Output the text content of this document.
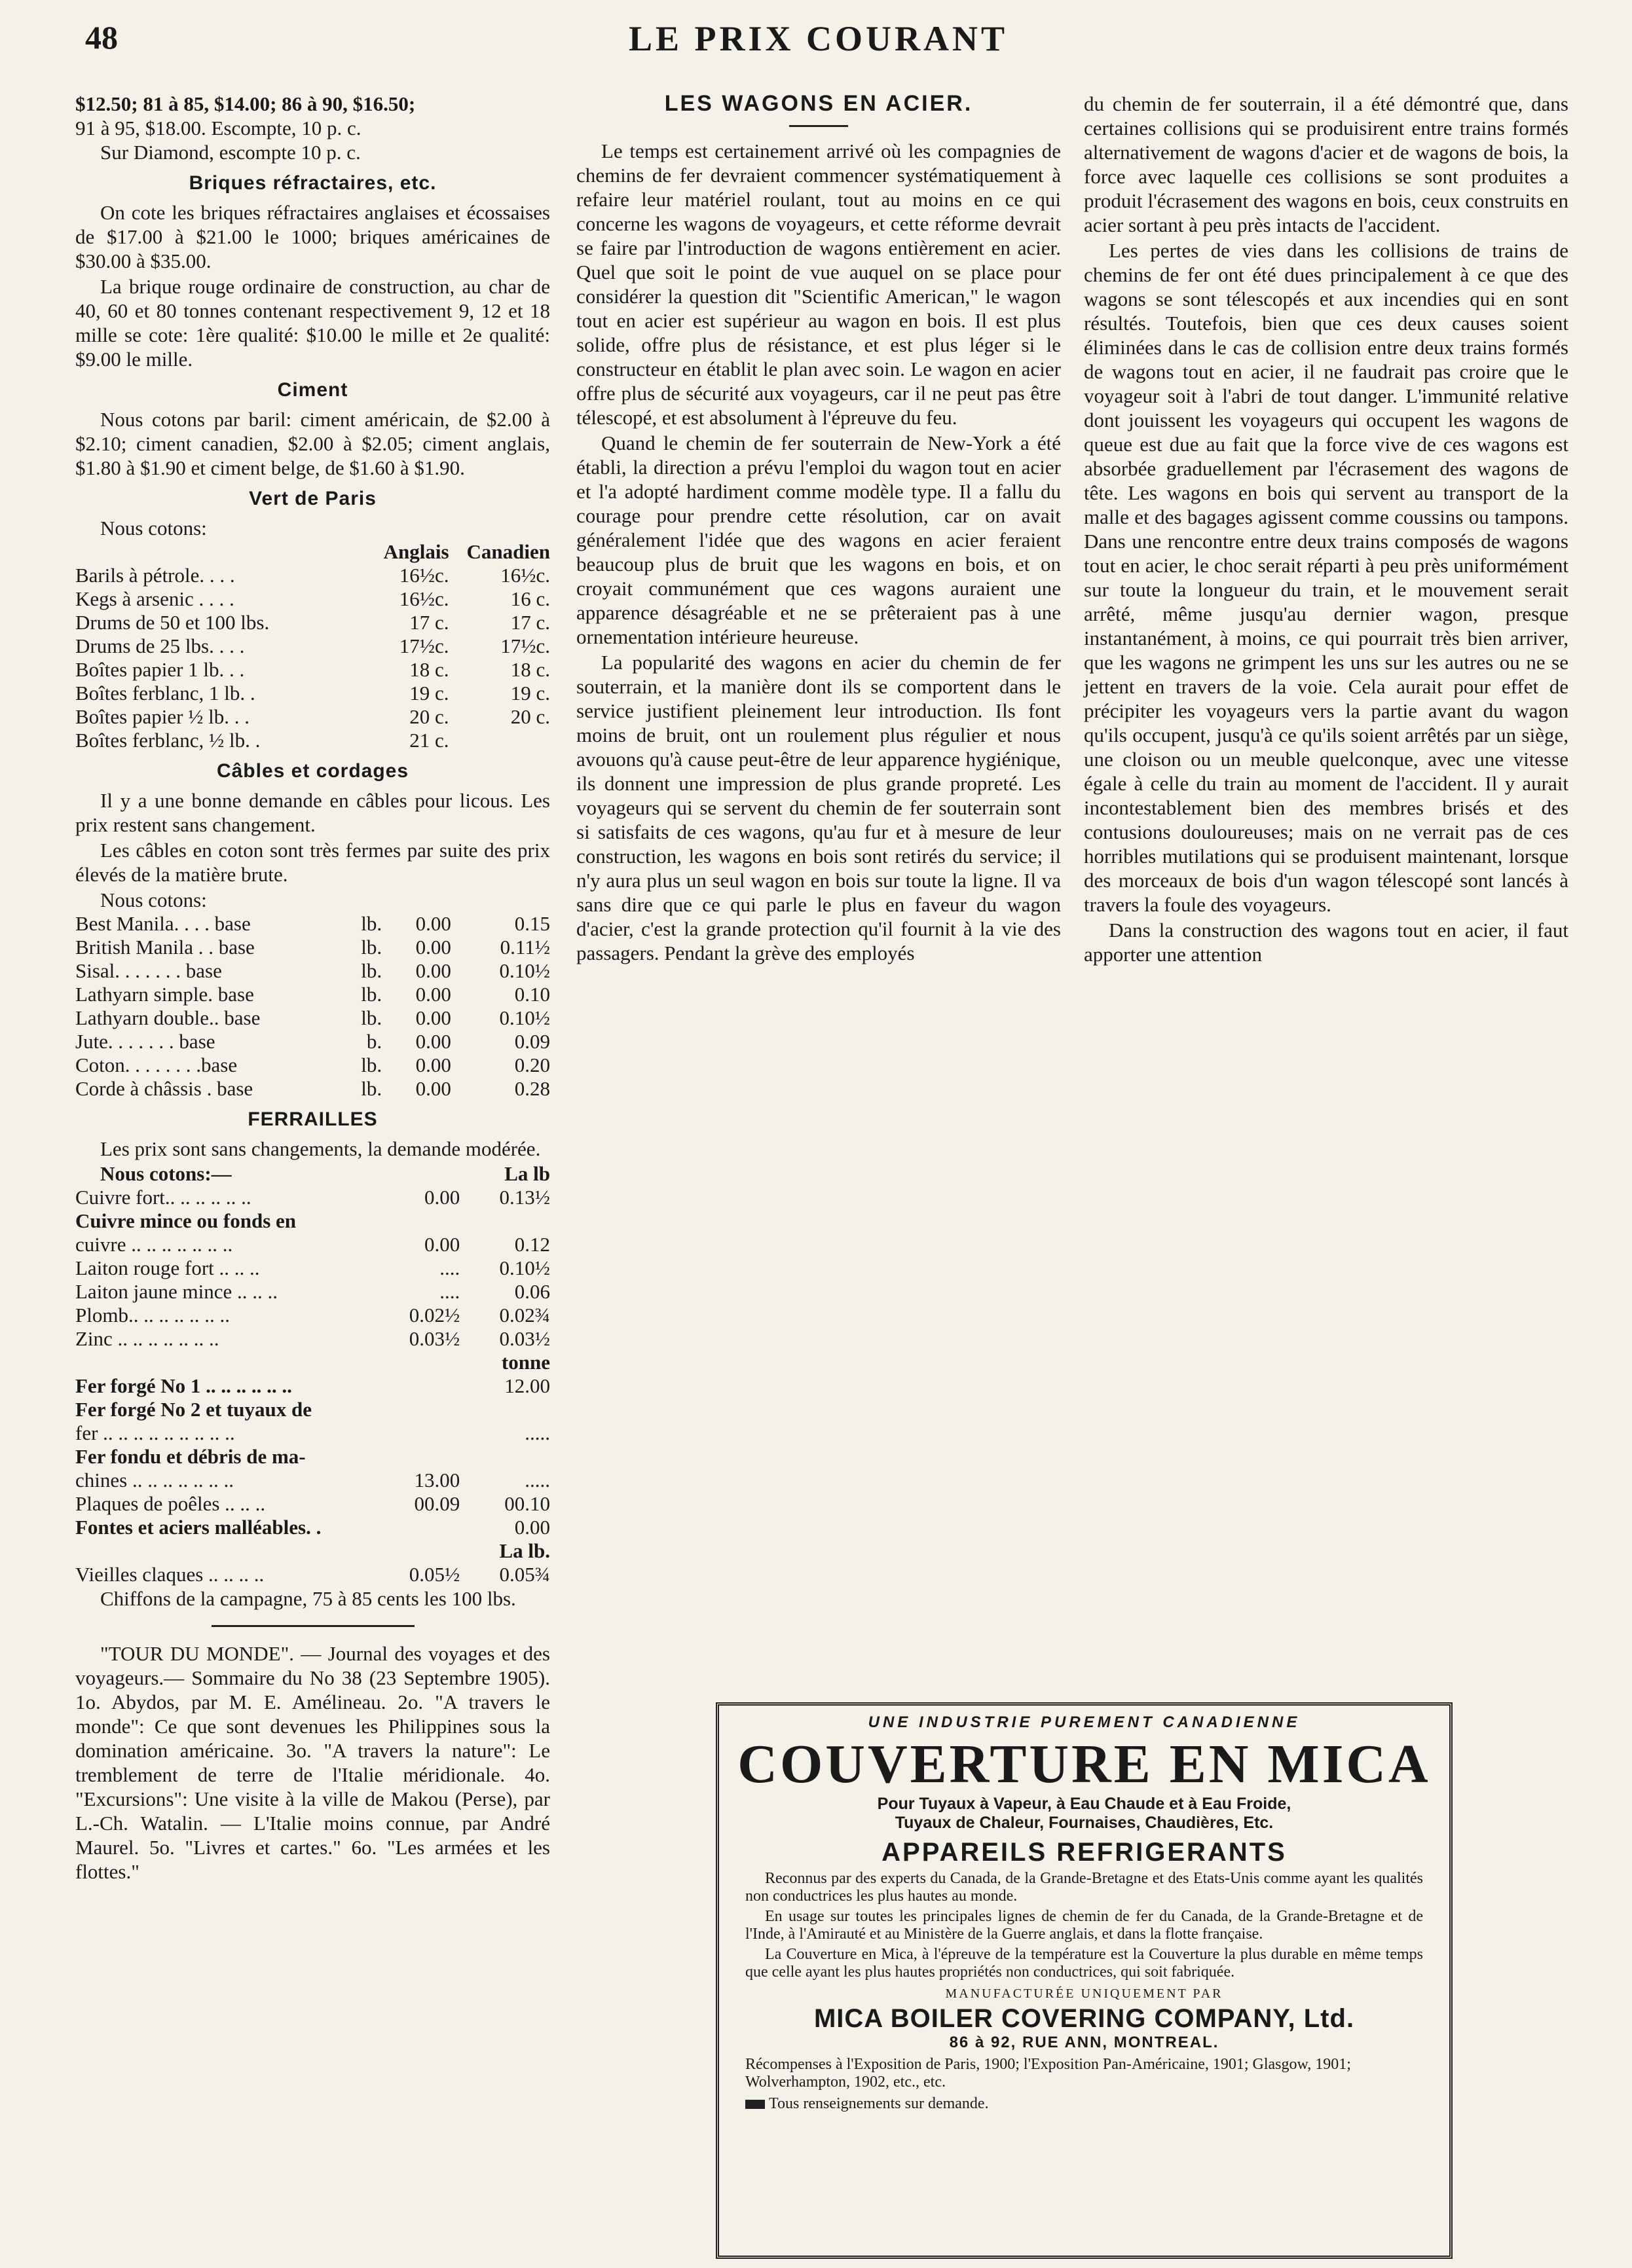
48	LE PRIX COURANT
$12.50; 81 à 85, $14.00; 86 à 90, $16.50;
91 à 95, $18.00. Escompte, 10 p. c.
Sur Diamond, escompte 10 p. c.
Briques réfractaires, etc.

On cote les briques réfractaires anglaises et écossaises de $17.00 à $21.00 le 1000; briques américaines de $30.00 à $35.00.

La brique rouge ordinaire de construction, au char de 40, 60 et 80 tonnes contenant respectivement 9, 12 et 18 mille se cote: 1ère qualité: $10.00 le mille et 2e qualité: $9.00 le mille.

Ciment

Nous cotons par baril: ciment américain, de $2.00 à $2.10; ciment canadien, $2.00 à $2.05; ciment anglais, $1.80 à $1.90 et ciment belge, de $1.60 à $1.90.

Vert de Paris
Nous cotons:
	Anglais	Canadien
Barils à pétrole. . . .	16½c.	16½c.
Kegs à arsenic . . . .	16½c.	16 c.
Drums de 50 et 100 lbs.	17 c.	17 c.
Drums de 25 lbs. . . .	17½c.	17½c.
Boîtes papier 1 lb. . .	18 c.	18 c.
Boîtes ferblanc, 1 lb. .	19 c.	19 c.
Boîtes papier ½ lb. . .	20 c.	20 c.
Boîtes ferblanc, ½ lb. .	21 c.	
Câbles et cordages

Il y a une bonne demande en câbles pour licous. Les prix restent sans changement.

Les câbles en coton sont très fermes par suite des prix élevés de la matière brute.

Nous cotons:
Best Manila. . . . base	lb.	0.00	0.15
British Manila . . base	lb.	0.00	0.11½
Sisal. . . . . . . base	lb.	0.00	0.10½
Lathyarn simple. base	lb.	0.00	0.10
Lathyarn double.. base	lb.	0.00	0.10½
Jute. . . . . . . base	b.	0.00	0.09
Coton. . . . . . . .base	lb.	0.00	0.20
Corde à châssis . base	lb.	0.00	0.28
FERRAILLES

Les prix sont sans changements, la demande modérée.

Nous cotons:—		La lb
Cuivre fort.. .. .. .. .. ..	0.00	0.13½
Cuivre mince ou fonds en		
cuivre .. .. .. .. .. .. ..	0.00	0.12
Laiton rouge fort .. .. ..	....	0.10½
Laiton jaune mince .. .. ..	....	0.06
Plomb.. .. .. .. .. .. ..	0.02½	0.02¾
Zinc .. .. .. .. .. .. ..	0.03½	0.03½
		tonne
Fer forgé No 1 .. .. .. .. .. ..		12.00
Fer forgé No 2 et tuyaux de		
fer .. .. .. .. .. .. .. .. ..		.....
Fer fondu et débris de ma-		
chines .. .. .. .. .. .. ..	13.00	.....
Plaques de poêles .. .. ..	00.09	00.10
Fontes et aciers malléables. .		0.00
		La lb.
Vieilles claques .. .. .. ..	0.05½	0.05¾

Chiffons de la campagne, 75 à 85 cents les 100 lbs.

"TOUR DU MONDE". — Journal des voyages et des voyageurs.— Sommaire du No 38 (23 Septembre 1905). 1o. Abydos, par M. E. Amélineau. 2o. "A travers le monde": Ce que sont devenues les Philippines sous la domination américaine. 3o. "A travers la nature": Le tremblement de terre de l'Italie méridionale. 4o. "Excursions": Une visite à la ville de Makou (Perse), par L.-Ch. Watalin. — L'Italie moins connue, par André Maurel. 5o. "Livres et cartes." 6o. "Les armées et les flottes."

LES WAGONS EN ACIER.

Le temps est certainement arrivé où les compagnies de chemins de fer devraient commencer systématiquement à refaire leur matériel roulant, tout au moins en ce qui concerne les wagons de voyageurs, et cette réforme devrait se faire par l'introduction de wagons entièrement en acier. Quel que soit le point de vue auquel on se place pour considérer la question dit "Scientific American," le wagon tout en acier est supérieur au wagon en bois. Il est plus solide, offre plus de résistance, et est plus léger si le constructeur en établit le plan avec soin. Le wagon en acier offre plus de sécurité aux voyageurs, car il ne peut pas être télescopé, et est absolument à l'épreuve du feu.

Quand le chemin de fer souterrain de New-York a été établi, la direction a prévu l'emploi du wagon tout en acier et l'a adopté hardiment comme modèle type. Il a fallu du courage pour prendre cette résolution, car on avait généralement l'idée que des wagons en acier feraient beaucoup plus de bruit que les wagons en bois, et on croyait communément que ces wagons auraient une apparence désagréable et ne se prêteraient pas à une ornementation intérieure heureuse.

La popularité des wagons en acier du chemin de fer souterrain, et la manière dont ils se comportent dans le service justifient pleinement leur introduction. Ils font moins de bruit, ont un roulement plus régulier et nous avouons qu'à cause peut-être de leur apparence hygiénique, ils donnent une impression de plus grande propreté. Les voyageurs qui se servent du chemin de fer souterrain sont si satisfaits de ces wagons, qu'au fur et à mesure de leur construction, les wagons en bois sont retirés du service; il n'y aura plus un seul wagon en bois sur toute la ligne. Il va sans dire que ce qui parle le plus en faveur du wagon d'acier, c'est la grande protection qu'il fournit à la vie des passagers. Pendant la grève des employés

du chemin de fer souterrain, il a été démontré que, dans certaines collisions qui se produisirent entre trains formés alternativement de wagons d'acier et de wagons de bois, la force avec laquelle ces collisions se sont produites a produit l'écrasement des wagons en bois, ceux construits en acier sortant à peu près intacts de l'accident.

Les pertes de vies dans les collisions de trains de chemins de fer ont été dues principalement à ce que des wagons se sont télescopés et aux incendies qui en sont résultés. Toutefois, bien que ces deux causes soient éliminées dans le cas de collision entre deux trains formés de wagons tout en acier, il ne faudrait pas croire que le voyageur soit à l'abri de tout danger. L'immunité relative dont jouissent les voyageurs qui occupent les wagons de queue est due au fait que la force vive de ces wagons est absorbée graduellement par l'écrasement des wagons de tête. Les wagons en bois qui servent au transport de la malle et des bagages agissent comme coussins ou tampons. Dans une rencontre entre deux trains composés de wagons tout en acier, le choc serait réparti à peu près uniformément sur toute la longueur du train, et le mouvement serait arrêté, même jusqu'au dernier wagon, presque instantanément, à moins, ce qui pourrait très bien arriver, que les wagons ne grimpent les uns sur les autres ou ne se jettent en travers de la voie. Cela aurait pour effet de précipiter les voyageurs vers la partie avant du wagon qu'ils occupent, jusqu'à ce qu'ils soient arrêtés par un siège, une cloison ou un meuble quelconque, avec une vitesse égale à celle du train au moment de l'accident. Il y aurait incontestablement bien des membres brisés et des contusions douloureuses; mais on ne verrait pas de ces horribles mutilations qui se produisent maintenant, lorsque des morceaux de bois d'un wagon télescopé sont lancés à travers la foule des voyageurs.

Dans la construction des wagons tout en acier, il faut apporter une attention

UNE INDUSTRIE PUREMENT CANADIENNE
COUVERTURE EN MICA
Pour Tuyaux à Vapeur, à Eau Chaude et à Eau Froide,
Tuyaux de Chaleur, Fournaises, Chaudières, Etc.
APPAREILS REFRIGERANTS
Reconnus par des experts du Canada, de la Grande-Bretagne et des Etats-Unis comme ayant les qualités non conductrices les plus hautes au monde.
En usage sur toutes les principales lignes de chemin de fer du Canada, de la Grande-Bretagne et de l'Inde, à l'Amirauté et au Ministère de la Guerre anglais, et dans la flotte française.
La Couverture en Mica, à l'épreuve de la température est la Couverture la plus durable en même temps que celle ayant les plus hautes propriétés non conductrices, qui soit fabriquée.
MANUFACTURÉE UNIQUEMENT PAR
MICA BOILER COVERING COMPANY, Ltd.
86 à 92, RUE ANN, MONTREAL.
Récompenses à l'Exposition de Paris, 1900; l'Exposition Pan-Américaine, 1901; Glasgow, 1901; Wolverhampton, 1902, etc., etc.
Tous renseignements sur demande.
